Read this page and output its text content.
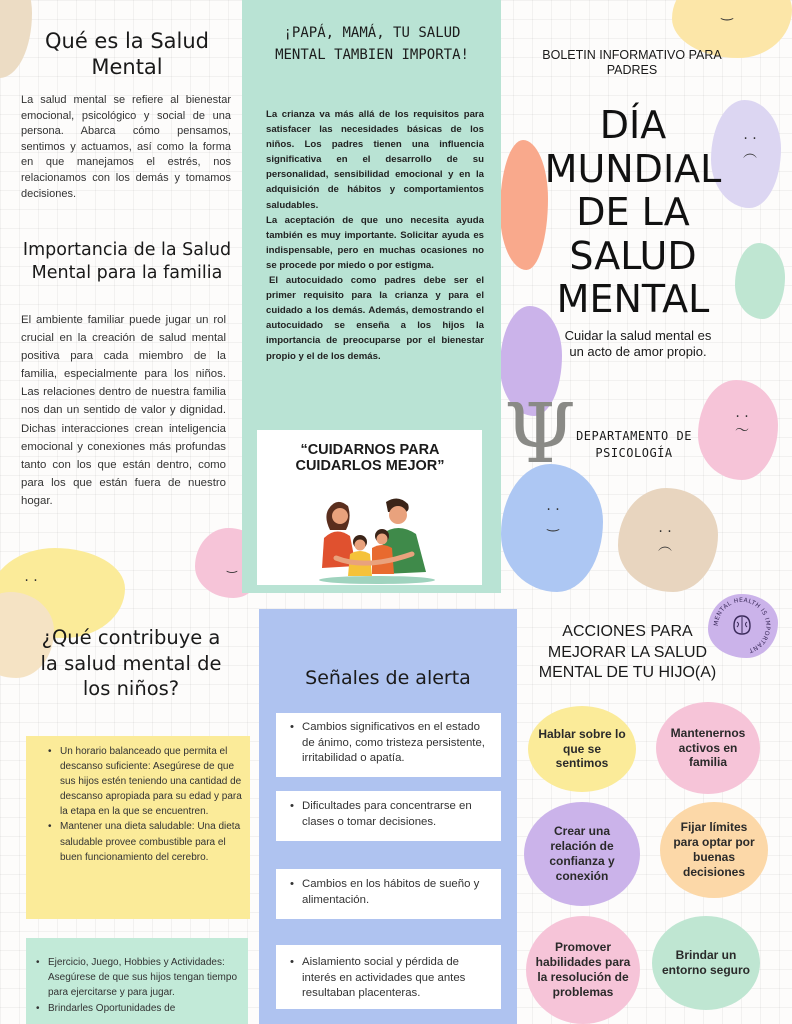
· ·
‿
‿
· ·
︵
· ·
～
· ·
‿	· ·
︵
Qué es la Salud Mental
La salud mental se refiere al bienestar emocional, psicológico y social de una persona. Abarca cómo pensamos, sentimos y actuamos, así como la forma en que manejamos el estrés, nos relacionamos con los demás y tomamos decisiones.
Importancia de la Salud Mental para la familia
El ambiente familiar puede jugar un rol crucial en la creación de salud mental positiva para cada miembro de la familia, especialmente para los niños. Las relaciones dentro de nuestra familia nos dan un sentido de valor y dignidad. Dichas interacciones crean inteligencia emocional y conexiones más profundas tanto con los que están dentro, como para los que están fuera de nuestro hogar.
¡PAPÁ, MAMÁ, TU SALUD MENTAL TAMBIEN IMPORTA!

La crianza va más allá de los requisitos para satisfacer las necesidades básicas de los niños. Los padres tienen una influencia significativa en el desarrollo de su personalidad, sensibilidad emocional y en la adquisición de hábitos y comportamientos saludables.

La aceptación de que uno necesita ayuda también es muy importante. Solicitar ayuda es indispensable, pero en muchas ocasiones no se procede por miedo o por estigma.

El autocuidado como padres debe ser el primer requisito para la crianza y para el cuidado a los demás. Además, demostrando el autocuidado se enseña a los hijos la importancia de preocuparse por el bienestar propio y el de los demás.

“CUIDARNOS PARA CUIDARLOS MEJOR”
BOLETIN INFORMATIVO PARA PADRES
DÍA MUNDIAL DE LA SALUD MENTAL
Cuidar la salud mental es un acto de amor propio.
Ψ DEPARTAMENTO DE PSICOLOGÍA
¿Qué contribuye a la salud mental de los niños?
• Un horario balanceado que permita el descanso suficiente: Asegúrese de que sus hijos estén teniendo una cantidad de descanso apropiada para su edad y para la etapa en la que se encuentren.
• Mantener una dieta saludable: Una dieta saludable provee combustible para el buen funcionamiento del cerebro.
• Ejercicio, Juego, Hobbies y Actividades: Asegúrese de que sus hijos tengan tiempo para ejercitarse y para jugar.
• Brindarles Oportunidades de
Señales de alerta
• Cambios significativos en el estado de ánimo, como tristeza persistente, irritabilidad o apatía.
• Dificultades para concentrarse en clases o tomar decisiones.
• Cambios en los hábitos de sueño y alimentación.
• Aislamiento social y pérdida de interés en actividades que antes resultaban placenteras.
ACCIONES PARA MEJORAR LA SALUD MENTAL DE TU HIJO(A)
MENTAL HEALTH IS IMPORTANT
Hablar sobre lo que se sentimos
Mantenernos activos en familia
Crear una relación de confianza y conexión
Fijar límites para optar por buenas decisiones
Promover habilidades para la resolución de problemas
Brindar un entorno seguro
